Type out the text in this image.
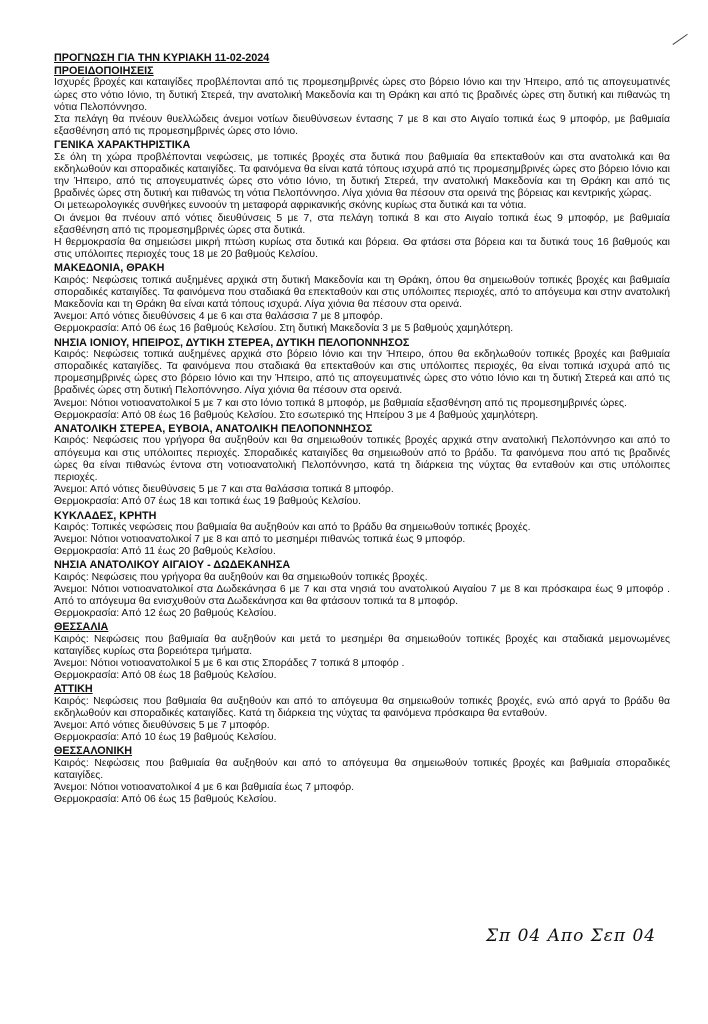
ΠΡΟΓΝΩΣΗ ΓΙΑ ΤΗΝ ΚΥΡΙΑΚΗ 11-02-2024

ΠΡΟΕΙΔΟΠΟΙΗΣΕΙΣ

Ισχυρές βροχές και καταιγίδες προβλέπονται από τις προμεσημβρινές ώρες στο βόρειο Ιόνιο και την Ήπειρο, από τις απογευματινές ώρες στο νότιο Ιόνιο, τη δυτική Στερεά, την ανατολική Μακεδονία και τη Θράκη και από τις βραδινές ώρες στη δυτική και πιθανώς τη νότια Πελοπόννησο.

Στα πελάγη θα πνέουν θυελλώδεις άνεμοι νοτίων διευθύνσεων έντασης 7 με 8 και στο Αιγαίο τοπικά έως 9 μποφόρ, με βαθμιαία εξασθένηση από τις προμεσημβρινές ώρες στο Ιόνιο.

ΓΕΝΙΚΑ ΧΑΡΑΚΤΗΡΙΣΤΙΚΑ

Σε όλη τη χώρα προβλέπονται νεφώσεις, με τοπικές βροχές στα δυτικά που βαθμιαία θα επεκταθούν και στα ανατολικά και θα εκδηλωθούν και σποραδικές καταιγίδες. Τα φαινόμενα θα είναι κατά τόπους ισχυρά από τις προμεσημβρινές ώρες στο βόρειο Ιόνιο και την Ήπειρο, από τις απογευματινές ώρες στο νότιο Ιόνιο, τη δυτική Στερεά, την ανατολική Μακεδονία και τη Θράκη και από τις βραδινές ώρες στη δυτική και πιθανώς τη νότια Πελοπόννησο. Λίγα χιόνια θα πέσουν στα ορεινά της βόρειας και κεντρικής χώρας.

Οι μετεωρολογικές συνθήκες ευνοούν τη μεταφορά αφρικανικής σκόνης κυρίως στα δυτικά και τα νότια.

Οι άνεμοι θα πνέουν από νότιες διευθύνσεις 5 με 7, στα πελάγη τοπικά 8 και στο Αιγαίο τοπικά έως 9 μποφόρ, με βαθμιαία εξασθένηση από τις προμεσημβρινές ώρες στα δυτικά.

Η θερμοκρασία θα σημειώσει μικρή πτώση κυρίως στα δυτικά και βόρεια. Θα φτάσει στα βόρεια και τα δυτικά τους 16 βαθμούς και στις υπόλοιπες περιοχές τους 18 με 20 βαθμούς Κελσίου.

ΜΑΚΕΔΟΝΙΑ, ΘΡΑΚΗ

Καιρός: Νεφώσεις τοπικά αυξημένες αρχικά στη δυτική Μακεδονία και τη Θράκη, όπου θα σημειωθούν τοπικές βροχές και βαθμιαία σποραδικές καταιγίδες. Τα φαινόμενα που σταδιακά θα επεκταθούν και στις υπόλοιπες περιοχές, από το απόγευμα και στην ανατολική Μακεδονία και τη Θράκη θα είναι κατά τόπους ισχυρά. Λίγα χιόνια θα πέσουν στα ορεινά.

Άνεμοι: Από νότιες διευθύνσεις 4 με 6 και στα θαλάσσια 7 με 8 μποφόρ.

Θερμοκρασία: Από 06 έως 16 βαθμούς Κελσίου. Στη δυτική Μακεδονία 3 με 5 βαθμούς χαμηλότερη.

ΝΗΣΙΑ ΙΟΝΙΟΥ, ΗΠΕΙΡΟΣ, ΔΥΤΙΚΗ ΣΤΕΡΕΑ, ΔΥΤΙΚΗ ΠΕΛΟΠΟΝΝΗΣΟΣ

Καιρός: Νεφώσεις τοπικά αυξημένες αρχικά στο βόρειο Ιόνιο και την Ήπειρο, όπου θα εκδηλωθούν τοπικές βροχές και βαθμιαία σποραδικές καταιγίδες. Τα φαινόμενα που σταδιακά θα επεκταθούν και στις υπόλοιπες περιοχές, θα είναι τοπικά ισχυρά από τις προμεσημβρινές ώρες στο βόρειο Ιόνιο και την Ήπειρο, από τις απογευματινές ώρες στο νότιο Ιόνιο και τη δυτική Στερεά και από τις βραδινές ώρες στη δυτική Πελοπόννησο. Λίγα χιόνια θα πέσουν στα ορεινά.

Άνεμοι: Νότιοι νοτιοανατολικοί 5 με 7 και στο Ιόνιο τοπικά 8 μποφόρ, με βαθμιαία εξασθένηση από τις προμεσημβρινές ώρες.

Θερμοκρασία: Από 08 έως 16 βαθμούς Κελσίου. Στο εσωτερικό της Ηπείρου 3 με 4 βαθμούς χαμηλότερη.

ΑΝΑΤΟΛΙΚΗ ΣΤΕΡΕΑ, ΕΥΒΟΙΑ, ΑΝΑΤΟΛΙΚΗ ΠΕΛΟΠΟΝΝΗΣΟΣ

Καιρός: Νεφώσεις που γρήγορα θα αυξηθούν και θα σημειωθούν τοπικές βροχές αρχικά στην ανατολική Πελοπόννησο και από το απόγευμα και στις υπόλοιπες περιοχές. Σποραδικές καταιγίδες θα σημειωθούν από το βράδυ. Τα φαινόμενα που από τις βραδινές ώρες θα είναι πιθανώς έντονα στη νοτιοανατολική Πελοπόννησο, κατά τη διάρκεια της νύχτας θα ενταθούν και στις υπόλοιπες περιοχές.

Άνεμοι: Από νότιες διευθύνσεις 5 με 7 και στα θαλάσσια τοπικά 8 μποφόρ.

Θερμοκρασία: Από 07 έως 18 και τοπικά έως 19 βαθμούς Κελσίου.

ΚΥΚΛΑΔΕΣ, ΚΡΗΤΗ

Καιρός: Τοπικές νεφώσεις που βαθμιαία θα αυξηθούν και από το βράδυ θα σημειωθούν τοπικές βροχές.

Άνεμοι: Νότιοι νοτιοανατολικοί 7 με 8 και από το μεσημέρι πιθανώς τοπικά έως 9 μποφόρ.

Θερμοκρασία: Από 11 έως 20 βαθμούς Κελσίου.

ΝΗΣΙΑ ΑΝΑΤΟΛΙΚΟΥ ΑΙΓΑΙΟΥ - ΔΩΔΕΚΑΝΗΣΑ

Καιρός: Νεφώσεις που γρήγορα θα αυξηθούν και θα σημειωθούν τοπικές βροχές.

Άνεμοι: Νότιοι νοτιοανατολικοί στα Δωδεκάνησα 6 με 7 και στα νησιά του ανατολικού Αιγαίου 7 με 8 και πρόσκαιρα έως 9 μποφόρ . Από το απόγευμα θα ενισχυθούν στα Δωδεκάνησα και θα φτάσουν τοπικά τα 8 μποφόρ.

Θερμοκρασία: Από 12 έως 20 βαθμούς Κελσίου.

ΘΕΣΣΑΛΙΑ

Καιρός: Νεφώσεις που βαθμιαία θα αυξηθούν και μετά το μεσημέρι θα σημειωθούν τοπικές βροχές και σταδιακά μεμονωμένες καταιγίδες κυρίως στα βορειότερα τμήματα.

Άνεμοι: Νότιοι νοτιοανατολικοί 5 με 6 και στις Σποράδες 7 τοπικά 8 μποφόρ .

Θερμοκρασία: Από 08 έως 18 βαθμούς Κελσίου.

ΑΤΤΙΚΗ

Καιρός: Νεφώσεις που βαθμιαία θα αυξηθούν και από το απόγευμα θα σημειωθούν τοπικές βροχές, ενώ από αργά το βράδυ θα εκδηλωθούν και σποραδικές καταιγίδες. Κατά τη διάρκεια της νύχτας τα φαινόμενα πρόσκαιρα θα ενταθούν.

Άνεμοι: Από νότιες διευθύνσεις 5 με 7 μποφόρ.

Θερμοκρασία: Από 10 έως 19 βαθμούς Κελσίου.

ΘΕΣΣΑΛΟΝΙΚΗ

Καιρός: Νεφώσεις που βαθμιαία θα αυξηθούν και από το απόγευμα θα σημειωθούν τοπικές βροχές και βαθμιαία σποραδικές καταιγίδες.

Άνεμοι: Νότιοι νοτιοανατολικοί 4 με 6 και βαθμιαία έως 7 μποφόρ.

Θερμοκρασία: Από 06 έως 15 βαθμούς Κελσίου.

Σπ 04 Απο Σεπ 04
